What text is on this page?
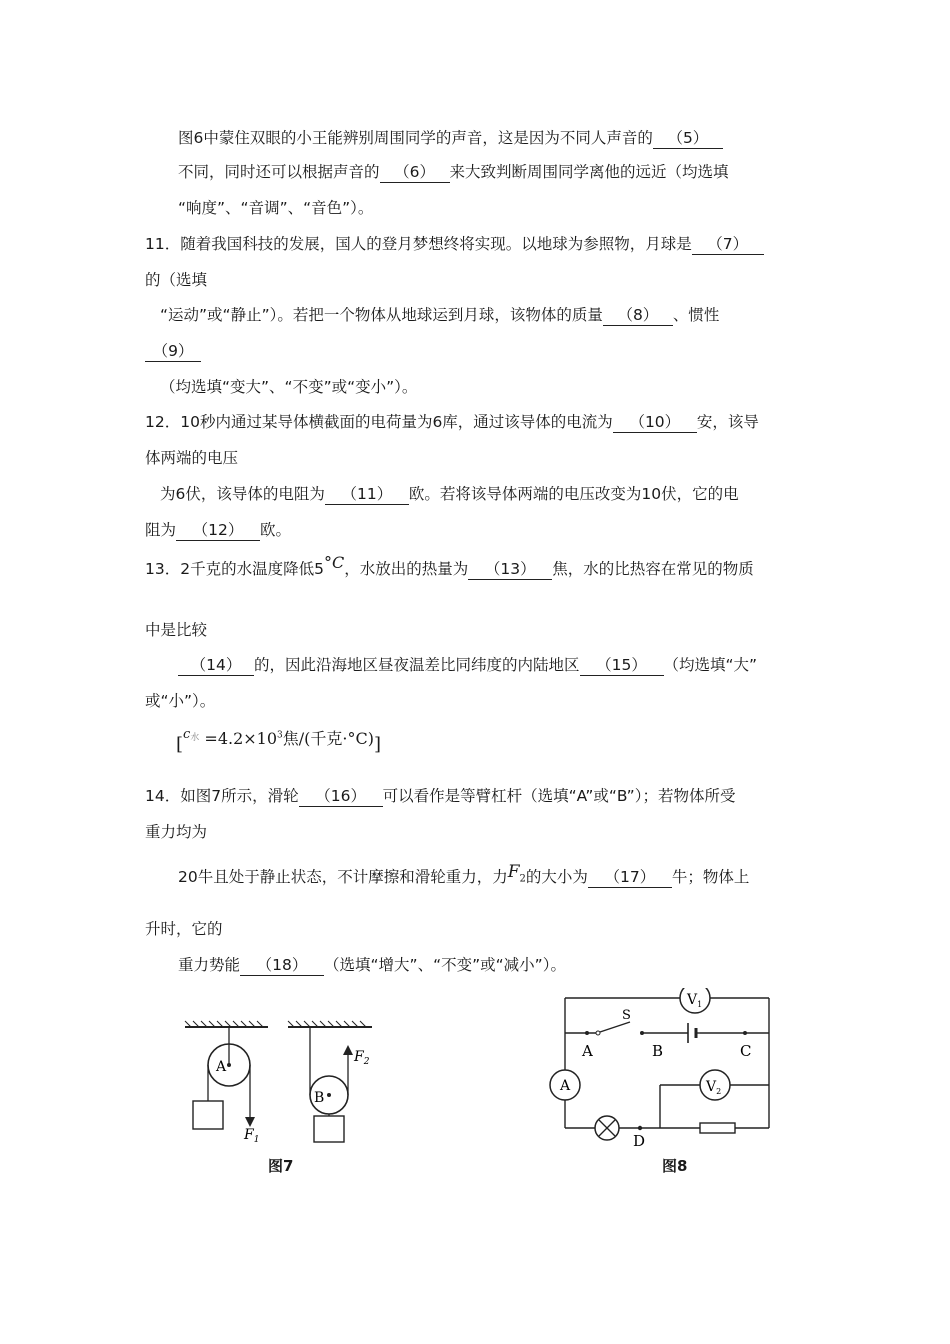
图6中蒙住双眼的小王能辨别周围同学的声音，这是因为不同人声音的 （5）
不同，同时还可以根据声音的 （6） 来大致判断周围同学离他的远近（均选填
“响度”、“音调”、“音色”）。
11．随着我国科技的发展，国人的登月梦想终将实现。以地球为参照物，月球是 （7）
的（选填
“运动”或“静止”）。若把一个物体从地球运到月球，该物体的质量 （8） 、惯性
（9）
（均选填“变大”、“不变”或“变小”）。
12．10秒内通过某导体横截面的电荷量为6库，通过该导体的电流为 （10） 安，该导
体两端的电压
为6伏，该导体的电阻为 （11） 欧。若将该导体两端的电压改变为10伏，它的电
阻为 （12） 欧。
13．2千克的水温度降低5°C，水放出的热量为 （13） 焦，水的比热容在常见的物质
中是比较
（14） 的，因此沿海地区昼夜温差比同纬度的内陆地区 （15） （均选填“大”
或“小”）。
[$^{c水} =4.2\times 10^3$焦/(千克·°C)]
14．如图7所示，滑轮 （16） 可以看作是等臂杠杆（选填“A”或“B”）；若物体所受
重力均为
20牛且处于静止状态，不计摩擦和滑轮重力，力$F_2$的大小为 （17） 牛；物体上
升时，它的
重力势能 （18） （选填“增大”、“不变”或“减小”）。
A
$F_1$
B
$F_2$
图7
$V_1$
S
A	B	C
A	$V_2$
D
图8
